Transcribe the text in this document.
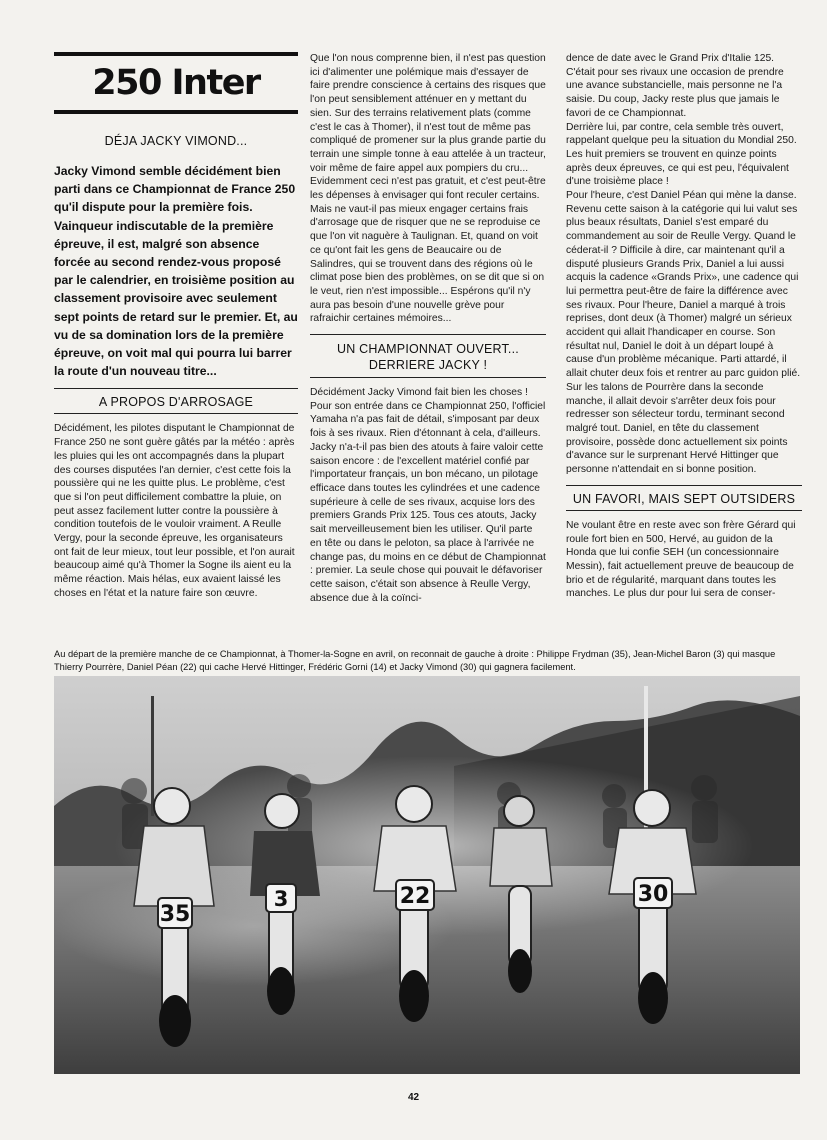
250 Inter
DÉJA JACKY VIMOND...

Jacky Vimond semble décidément bien parti dans ce Championnat de France 250 qu'il dispute pour la première fois. Vainqueur indiscutable de la première épreuve, il est, malgré son absence forcée au second rendez-vous proposé par le calendrier, en troisième position au classement provisoire avec seulement sept points de retard sur le premier. Et, au vu de sa domination lors de la première épreuve, on voit mal qui pourra lui barrer la route d'un nouveau titre...

A PROPOS D'ARROSAGE

Décidément, les pilotes disputant le Championnat de France 250 ne sont guère gâtés par la météo : après les pluies qui les ont accompagnés dans la plupart des courses disputées l'an dernier, c'est cette fois la poussière qui ne les quitte plus. Le problème, c'est que si l'on peut difficilement combattre la pluie, on peut assez facilement lutter contre la poussière à condition toutefois de le vouloir vraiment. A Reulle Vergy, pour la seconde épreuve, les organisateurs ont fait de leur mieux, tout leur possible, et l'on aurait beaucoup aimé qu'à Thomer la Sogne ils aient eu la même réaction. Mais hélas, eux avaient laissé les choses en l'état et la nature faire son œuvre.

Que l'on nous comprenne bien, il n'est pas question ici d'alimenter une polémique mais d'essayer de faire prendre conscience à certains des risques que l'on peut sensiblement atténuer en y mettant du sien. Sur des terrains relativement plats (comme c'est le cas à Thomer), il n'est tout de même pas compliqué de promener sur la plus grande partie du terrain une simple tonne à eau attelée à un tracteur, voir même de faire appel aux pompiers du cru... Evidemment ceci n'est pas gratuit, et c'est peut-être les dépenses à envisager qui font reculer certains. Mais ne vaut-il pas mieux engager certains frais d'arrosage que de risquer que ne se reproduise ce que l'on vit naguère à Taulignan. Et, quand on voit ce qu'ont fait les gens de Beaucaire ou de Salindres, qui se trouvent dans des régions où le climat pose bien des problèmes, on se dit que si on le veut, rien n'est impossible... Espérons qu'il n'y aura pas besoin d'une nouvelle grève pour rafraichir certaines mémoires...

UN CHAMPIONNAT OUVERT... DERRIERE JACKY !

Décidément Jacky Vimond fait bien les choses ! Pour son entrée dans ce Championnat 250, l'officiel Yamaha n'a pas fait de détail, s'imposant par deux fois à ses rivaux. Rien d'étonnant à cela, d'ailleurs. Jacky n'a-t-il pas bien des atouts à faire valoir cette saison encore : de l'excellent matériel confié par l'importateur français, un bon mécano, un pilotage efficace dans toutes les cylindrées et une cadence supérieure à celle de ses rivaux, acquise lors des premiers Grands Prix 125. Tous ces atouts, Jacky sait merveilleusement bien les utiliser. Qu'il parte en tête ou dans le peloton, sa place à l'arrivée ne change pas, du moins en ce début de Championnat : premier. La seule chose qui pouvait le défavoriser cette saison, c'était son absence à Reulle Vergy, absence due à la coïnci-

dence de date avec le Grand Prix d'Italie 125. C'était pour ses rivaux une occasion de prendre une avance substancielle, mais personne ne l'a saisie. Du coup, Jacky reste plus que jamais le favori de ce Championnat.

Derrière lui, par contre, cela semble très ouvert, rappelant quelque peu la situation du Mondial 250. Les huit premiers se trouvent en quinze points après deux épreuves, ce qui est peu, l'équivalent d'une troisième place !

Pour l'heure, c'est Daniel Péan qui mène la danse. Revenu cette saison à la catégorie qui lui valut ses plus beaux résultats, Daniel s'est emparé du commandement au soir de Reulle Vergy. Quand le céderat-il ? Difficile à dire, car maintenant qu'il a disputé plusieurs Grands Prix, Daniel a lui aussi acquis la cadence «Grands Prix», une cadence qui lui permettra peut-être de faire la différence avec ses rivaux. Pour l'heure, Daniel a marqué à trois reprises, dont deux (à Thomer) malgré un sérieux accident qui allait l'handicaper en course. Son résultat nul, Daniel le doit à un départ loupé à cause d'un problème mécanique. Parti attardé, il allait chuter deux fois et rentrer au parc guidon plié. Sur les talons de Pourrère dans la seconde manche, il allait devoir s'arrêter deux fois pour redresser son sélecteur tordu, terminant second malgré tout. Daniel, en tête du classement provisoire, possède donc actuellement six points d'avance sur le surprenant Hervé Hittinger que personne n'attendait en si bonne position.

UN FAVORI, MAIS SEPT OUTSIDERS

Ne voulant être en reste avec son frère Gérard qui roule fort bien en 500, Hervé, au guidon de la Honda que lui confie SEH (un concessionnaire Messin), fait actuellement preuve de beaucoup de brio et de régularité, marquant dans toutes les manches. Le plus dur pour lui sera de conser-

Au départ de la première manche de ce Championnat, à Thomer-la-Sogne en avril, on reconnait de gauche à droite : Philippe Frydman (35), Jean-Michel Baron (3) qui masque Thierry Pourrère, Daniel Péan (22) qui cache Hervé Hittinger, Frédéric Gorni (14) et Jacky Vimond (30) qui gagnera facilement.

35
3	22	30
42
